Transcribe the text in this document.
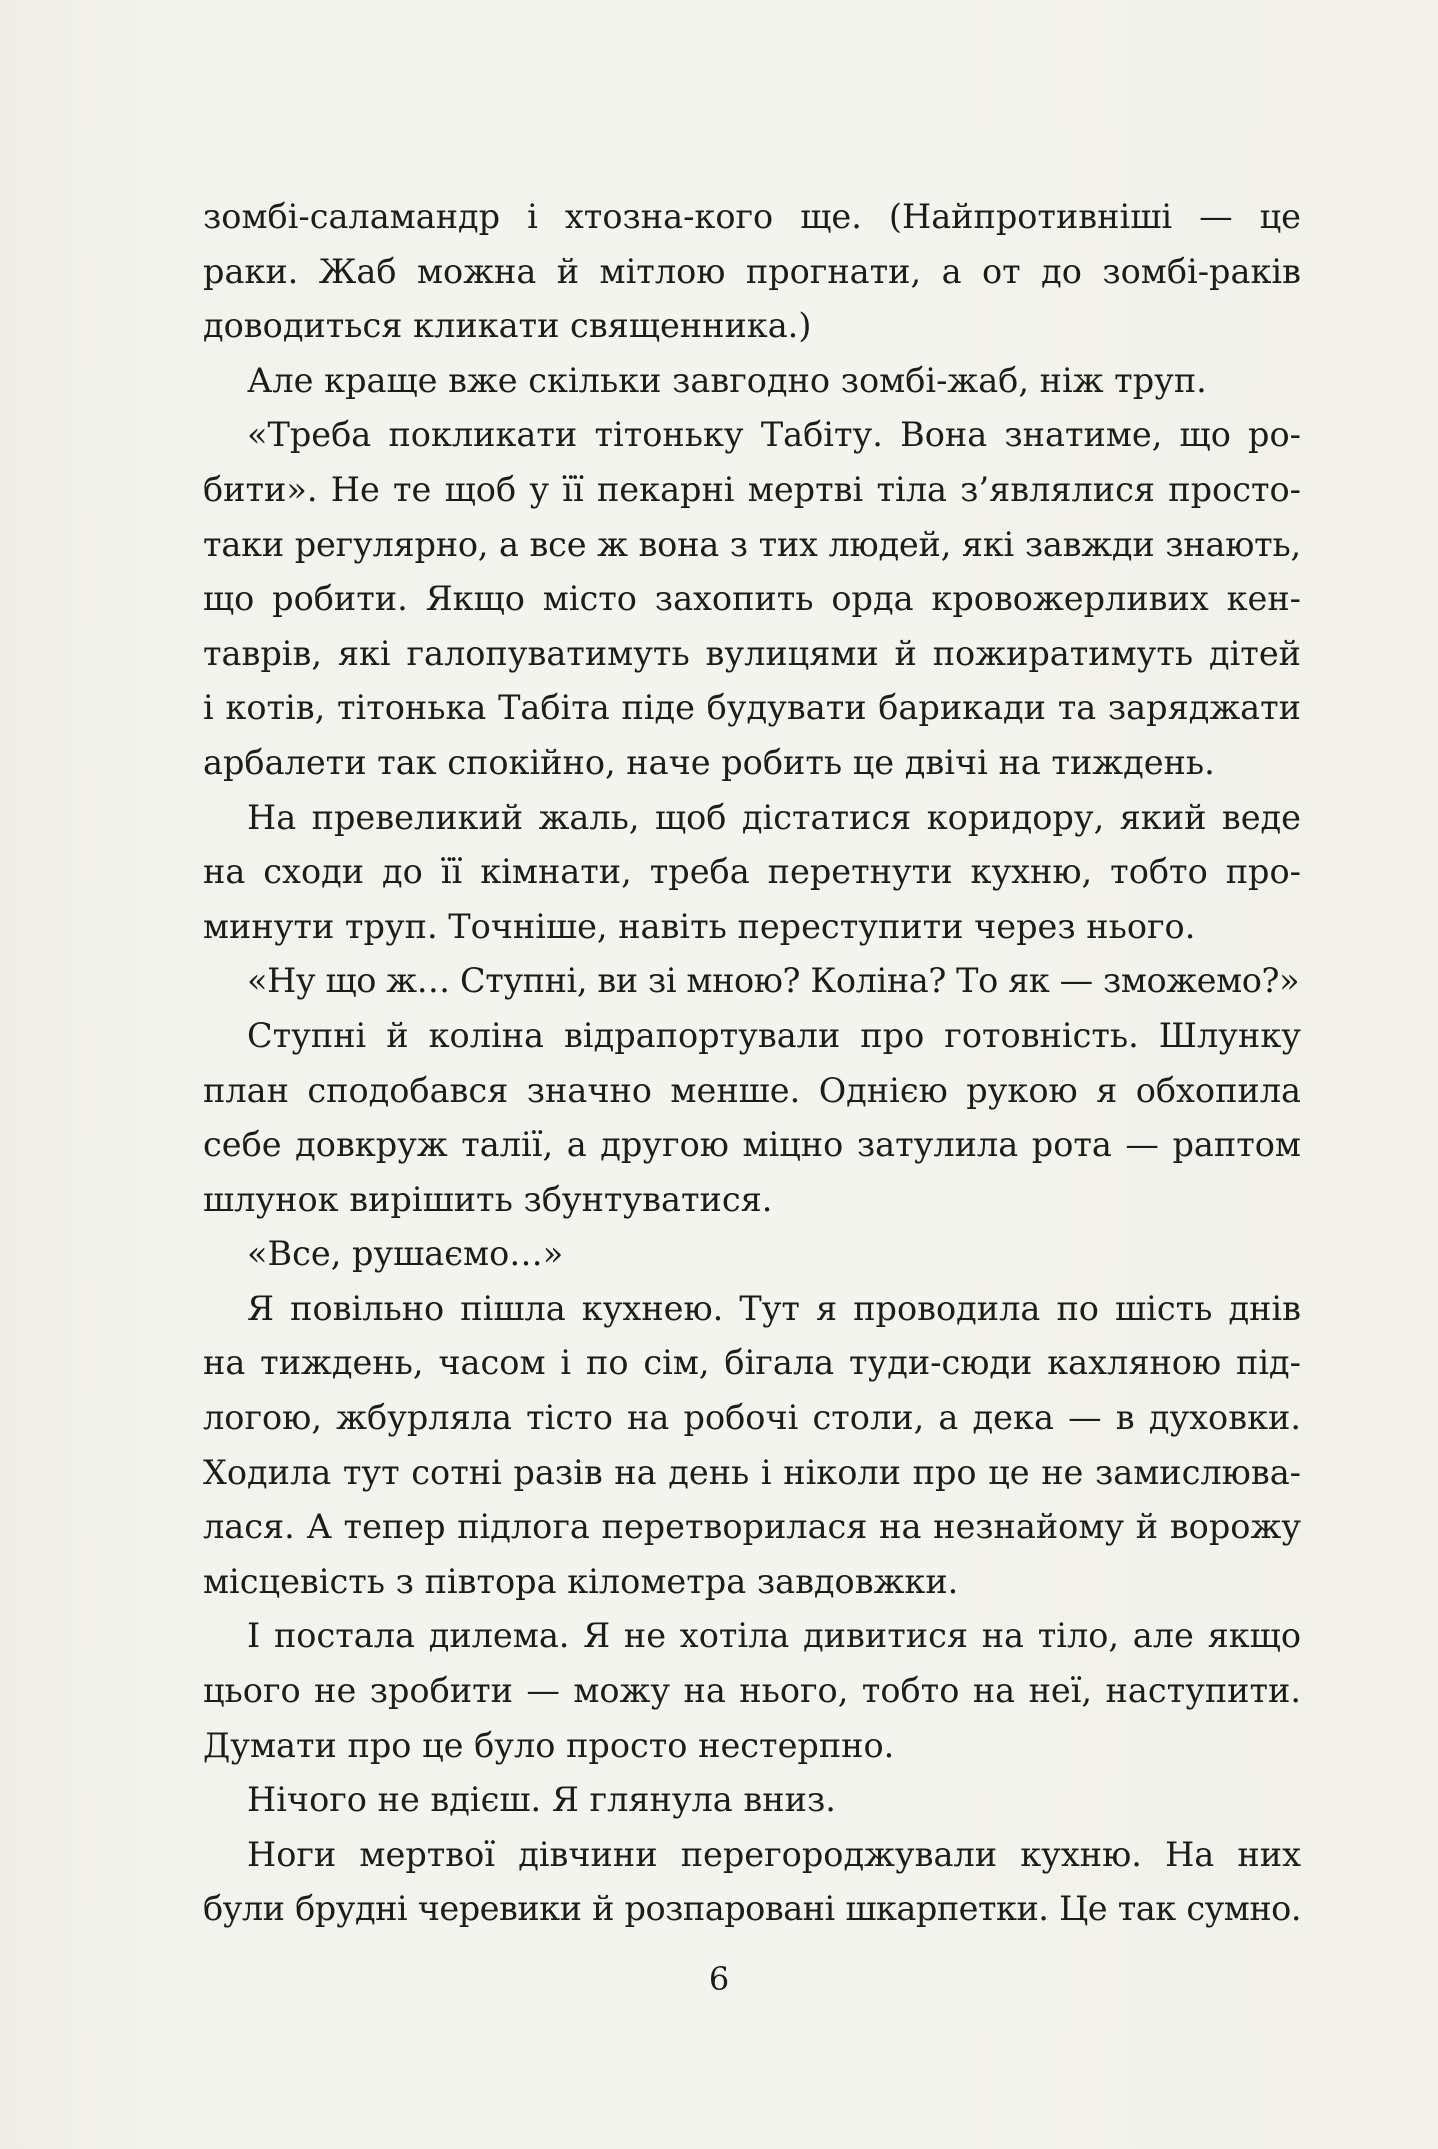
зомбі-саламандр і хтозна-кого ще. (Найпротивніші — це
раки. Жаб можна й мітлою прогнати, а от до зомбі-раків
доводиться кликати священника.)

Але краще вже скільки завгодно зомбі-жаб, ніж труп.

«Треба покликати тітоньку Табіту. Вона знатиме, що ро-
бити». Не те щоб у її пекарні мертві тіла з’являлися просто-
таки регулярно, а все ж вона з тих людей, які завжди знають,
що робити. Якщо місто захопить орда кровожерливих кен-
таврів, які галопуватимуть вулицями й пожиратимуть дітей
і котів, тітонька Табіта піде будувати барикади та заряджати
арбалети так спокійно, наче робить це двічі на тиждень.

На превеликий жаль, щоб дістатися коридору, який веде
на сходи до її кімнати, треба перетнути кухню, тобто про-
минути труп. Точніше, навіть переступити через нього.

«Ну що ж… Ступні, ви зі мною? Коліна? То як — зможемо?»

Ступні й коліна відрапортували про готовність. Шлунку
план сподобався значно менше. Однією рукою я обхопила
себе довкруж талії, а другою міцно затулила рота — раптом
шлунок вирішить збунтуватися.

«Все, рушаємо…»

Я повільно пішла кухнею. Тут я проводила по шість днів
на тиждень, часом і по сім, бігала туди-сюди кахляною під-
логою, жбурляла тісто на робочі столи, а дека — в духовки.
Ходила тут сотні разів на день і ніколи про це не замислюва-
лася. А тепер підлога перетворилася на незнайому й ворожу
місцевість з півтора кілометра завдовжки.

І постала дилема. Я не хотіла дивитися на тіло, але якщо
цього не зробити — можу на нього, тобто на неї, наступити.
Думати про це було просто нестерпно.

Нічого не вдієш. Я глянула вниз.

Ноги мертвої дівчини перегороджували кухню. На них
були брудні черевики й розпаровані шкарпетки. Це так сумно.

6
